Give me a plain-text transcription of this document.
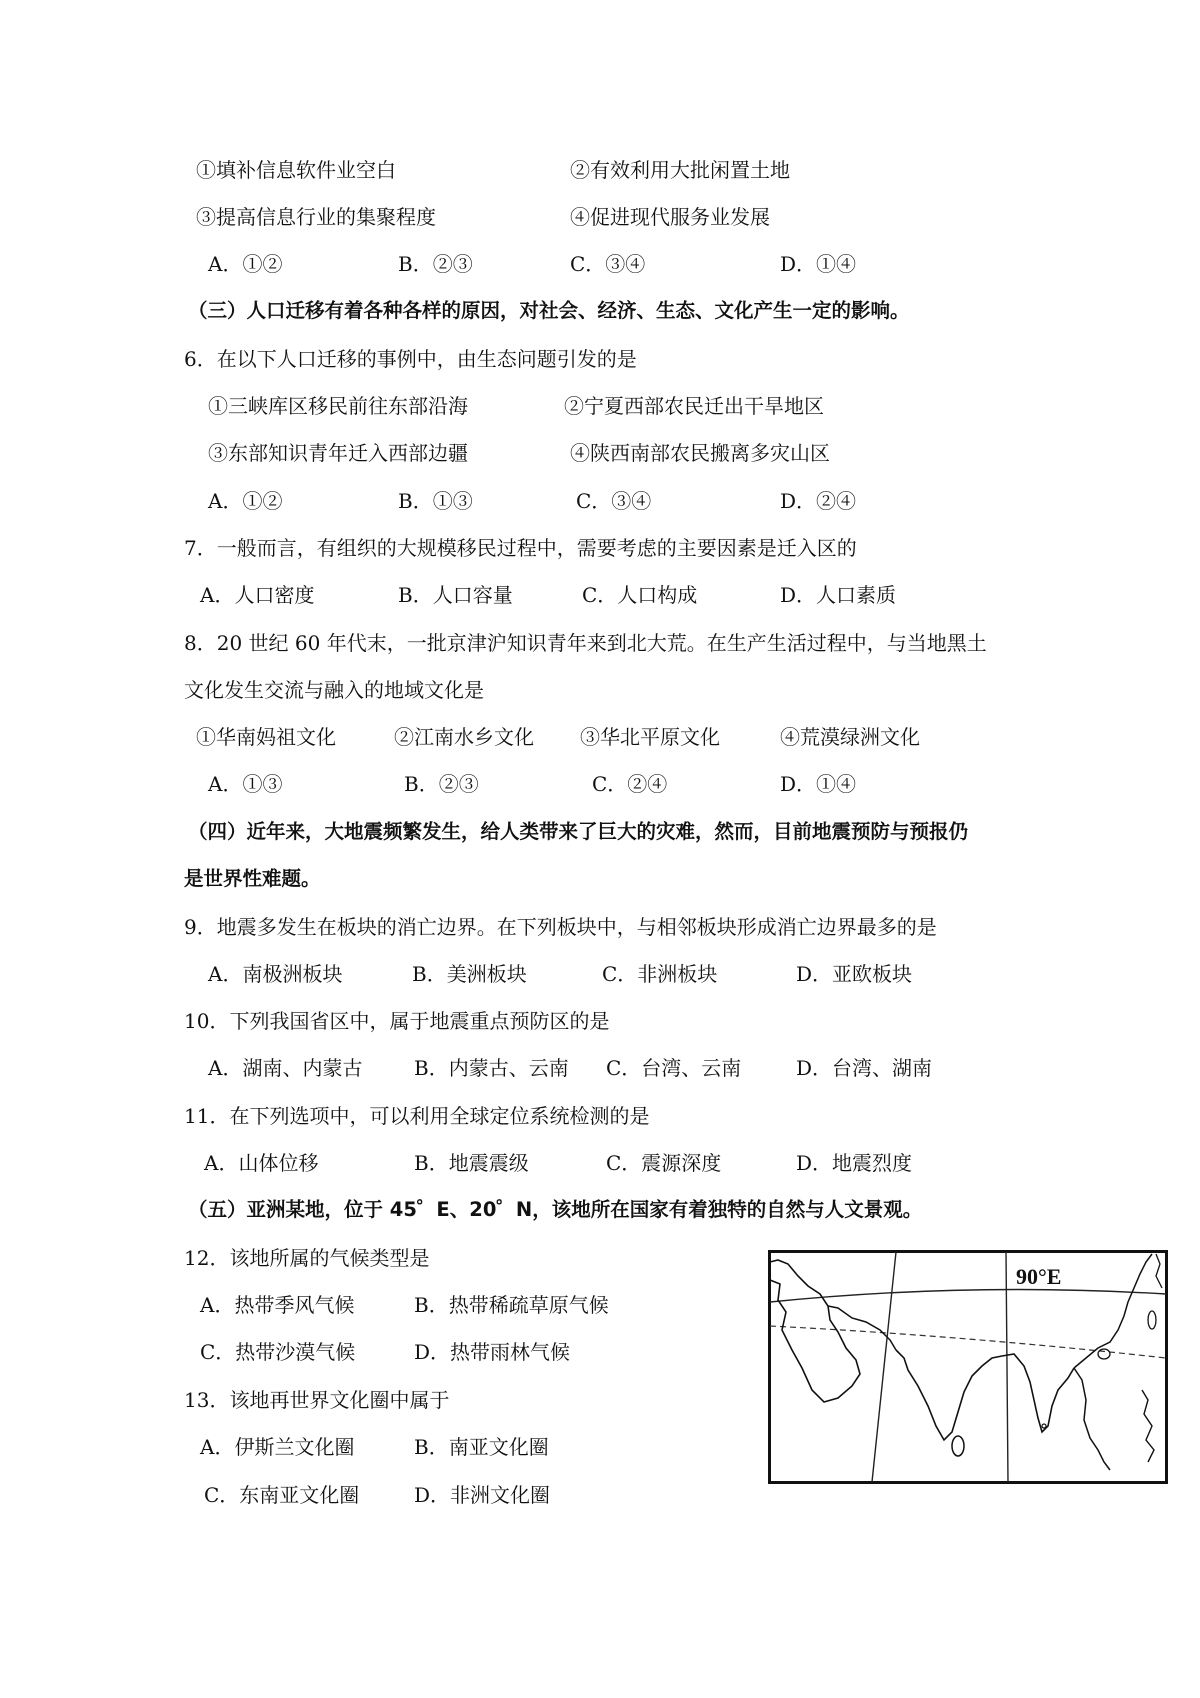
①填补信息软件业空白	②有效利用大批闲置土地
③提高信息行业的集聚程度	④促进现代服务业发展
A．①②	B．②③	C．③④	D．①④
（三）人口迁移有着各种各样的原因，对社会、经济、生态、文化产生一定的影响。
6．在以下人口迁移的事例中，由生态问题引发的是
①三峡库区移民前往东部沿海	②宁夏西部农民迁出干旱地区
③东部知识青年迁入西部边疆	④陕西南部农民搬离多灾山区
A．①②	B．①③	C．③④	D．②④
7．一般而言，有组织的大规模移民过程中，需要考虑的主要因素是迁入区的
A．人口密度	B．人口容量	C．人口构成	D．人口素质
8．20 世纪 60 年代末，一批京津沪知识青年来到北大荒。在生产生活过程中，与当地黑土
文化发生交流与融入的地域文化是
①华南妈祖文化	②江南水乡文化 ③华北平原文化	④荒漠绿洲文化
A．①③	B．②③	C．②④	D．①④
（四）近年来，大地震频繁发生，给人类带来了巨大的灾难，然而，目前地震预防与预报仍
是世界性难题。
9．地震多发生在板块的消亡边界。在下列板块中，与相邻板块形成消亡边界最多的是
A．南极洲板块	B．美洲板块	C．非洲板块	D．亚欧板块
10．下列我国省区中，属于地震重点预防区的是
A．湖南、内蒙古	B．内蒙古、云南 C．台湾、云南	D．台湾、湖南
11．在下列选项中，可以利用全球定位系统检测的是
A．山体位移	B．地震震级	C．震源深度	D．地震烈度
（五）亚洲某地，位于 45゜E、20゜N，该地所在国家有着独特的自然与人文景观。
12．该地所属的气候类型是
A．热带季风气候	B．热带稀疏草原气候
C．热带沙漠气候	D．热带雨林气候
13．该地再世界文化圈中属于
A．伊斯兰文化圈	B．南亚文化圈
C．东南亚文化圈	D．非洲文化圈
90°E
